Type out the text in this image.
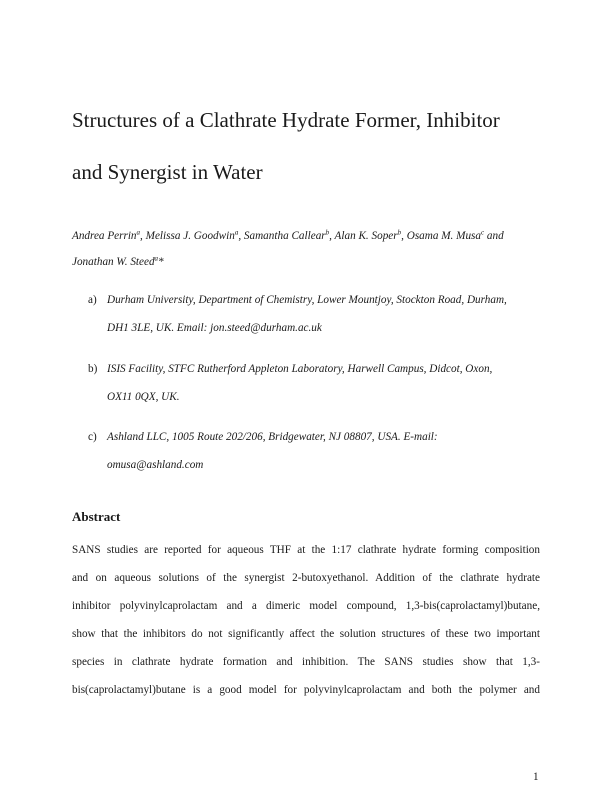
Structures of a Clathrate Hydrate Former, Inhibitor
and Synergist in Water
Andrea Perrin$^a$, Melissa J. Goodwin$^a$, Samantha Callear$^b$, Alan K. Soper$^b$, Osama M. Musa$^c$ and
Jonathan W. Steed$^a$*
a) Durham University, Department of Chemistry, Lower Mountjoy, Stockton Road, Durham,
DH1 3LE, UK. Email: jon.steed@durham.ac.uk
b) ISIS Facility, STFC Rutherford Appleton Laboratory, Harwell Campus, Didcot, Oxon,
OX11 0QX, UK.
c) Ashland LLC, 1005 Route 202/206, Bridgewater, NJ 08807, USA. E-mail:
omusa@ashland.com
Abstract
SANS studies are reported for aqueous THF at the 1:17 clathrate hydrate forming composition
and on aqueous solutions of the synergist 2-butoxyethanol. Addition of the clathrate hydrate
inhibitor polyvinylcaprolactam and a dimeric model compound, 1,3-bis(caprolactamyl)butane,
show that the inhibitors do not significantly affect the solution structures of these two important
species in clathrate hydrate formation and inhibition. The SANS studies show that 1,3-
bis(caprolactamyl)butane is a good model for polyvinylcaprolactam and both the polymer and
1
